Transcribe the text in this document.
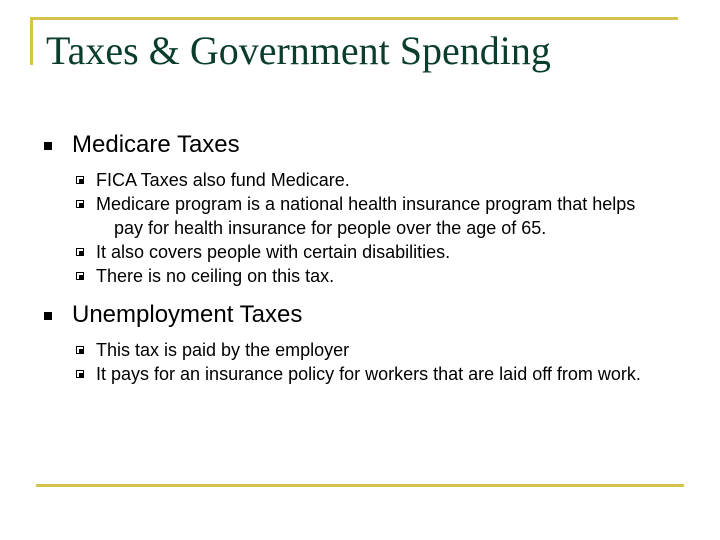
Taxes & Government Spending
Medicare Taxes
FICA Taxes also fund Medicare.
Medicare program is a national health insurance program that helps pay for health insurance for people over the age of 65.
It also covers people with certain disabilities.
There is no ceiling on this tax.
Unemployment Taxes
This tax is paid by the employer
It pays for an insurance policy for workers that are laid off from work.
